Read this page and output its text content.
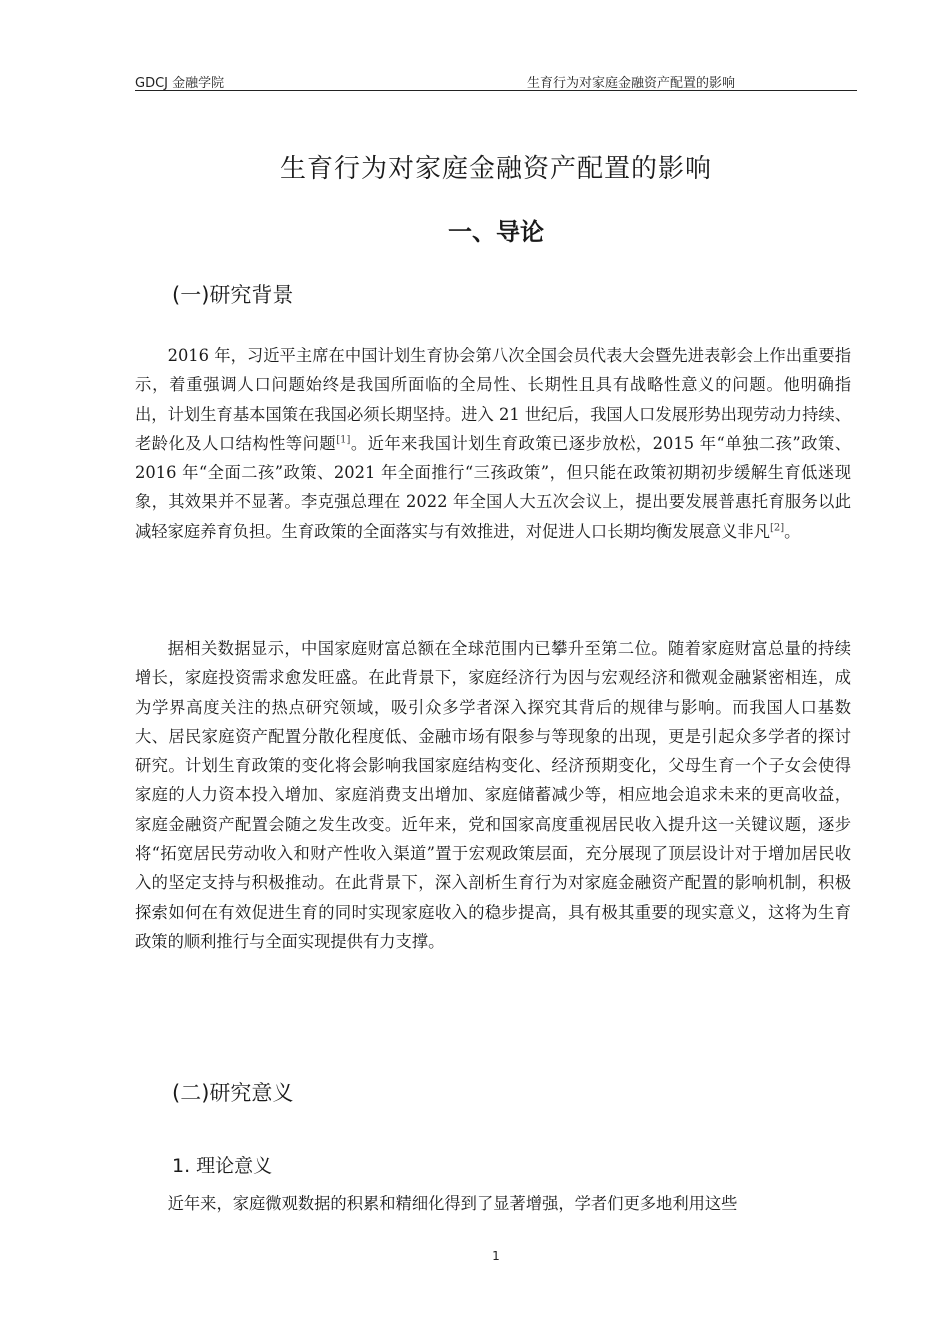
GDCJ 金融学院	生育行为对家庭金融资产配置的影响
生育行为对家庭金融资产配置的影响
一、导论
(一)研究背景

2016 年，习近平主席在中国计划生育协会第八次全国会员代表大会暨先进表彰会上作出重要指示，着重强调人口问题始终是我国所面临的全局性、长期性且具有战略性意义的问题。他明确指出，计划生育基本国策在我国必须长期坚持。进入 21 世纪后，我国人口发展形势出现劳动力持续、老龄化及人口结构性等问题[1]。近年来我国计划生育政策已逐步放松，2015 年“单独二孩”政策、2016 年“全面二孩”政策、2021 年全面推行“三孩政策”，但只能在政策初期初步缓解生育低迷现象，其效果并不显著。李克强总理在 2022 年全国人大五次会议上，提出要发展普惠托育服务以此减轻家庭养育负担。生育政策的全面落实与有效推进，对促进人口长期均衡发展意义非凡[2]。

据相关数据显示，中国家庭财富总额在全球范围内已攀升至第二位。随着家庭财富总量的持续增长，家庭投资需求愈发旺盛。在此背景下，家庭经济行为因与宏观经济和微观金融紧密相连，成为学界高度关注的热点研究领域，吸引众多学者深入探究其背后的规律与影响。而我国人口基数大、居民家庭资产配置分散化程度低、金融市场有限参与等现象的出现，更是引起众多学者的探讨研究。计划生育政策的变化将会影响我国家庭结构变化、经济预期变化，父母生育一个子女会使得家庭的人力资本投入增加、家庭消费支出增加、家庭储蓄减少等，相应地会追求未来的更高收益，家庭金融资产配置会随之发生改变。近年来，党和国家高度重视居民收入提升这一关键议题，逐步将“拓宽居民劳动收入和财产性收入渠道”置于宏观政策层面，充分展现了顶层设计对于增加居民收入的坚定支持与积极推动。在此背景下，深入剖析生育行为对家庭金融资产配置的影响机制，积极探索如何在有效促进生育的同时实现家庭收入的稳步提高，具有极其重要的现实意义，这将为生育政策的顺利推行与全面实现提供有力支撑。

(二)研究意义
1. 理论意义

近年来，家庭微观数据的积累和精细化得到了显著增强，学者们更多地利用这些

1
